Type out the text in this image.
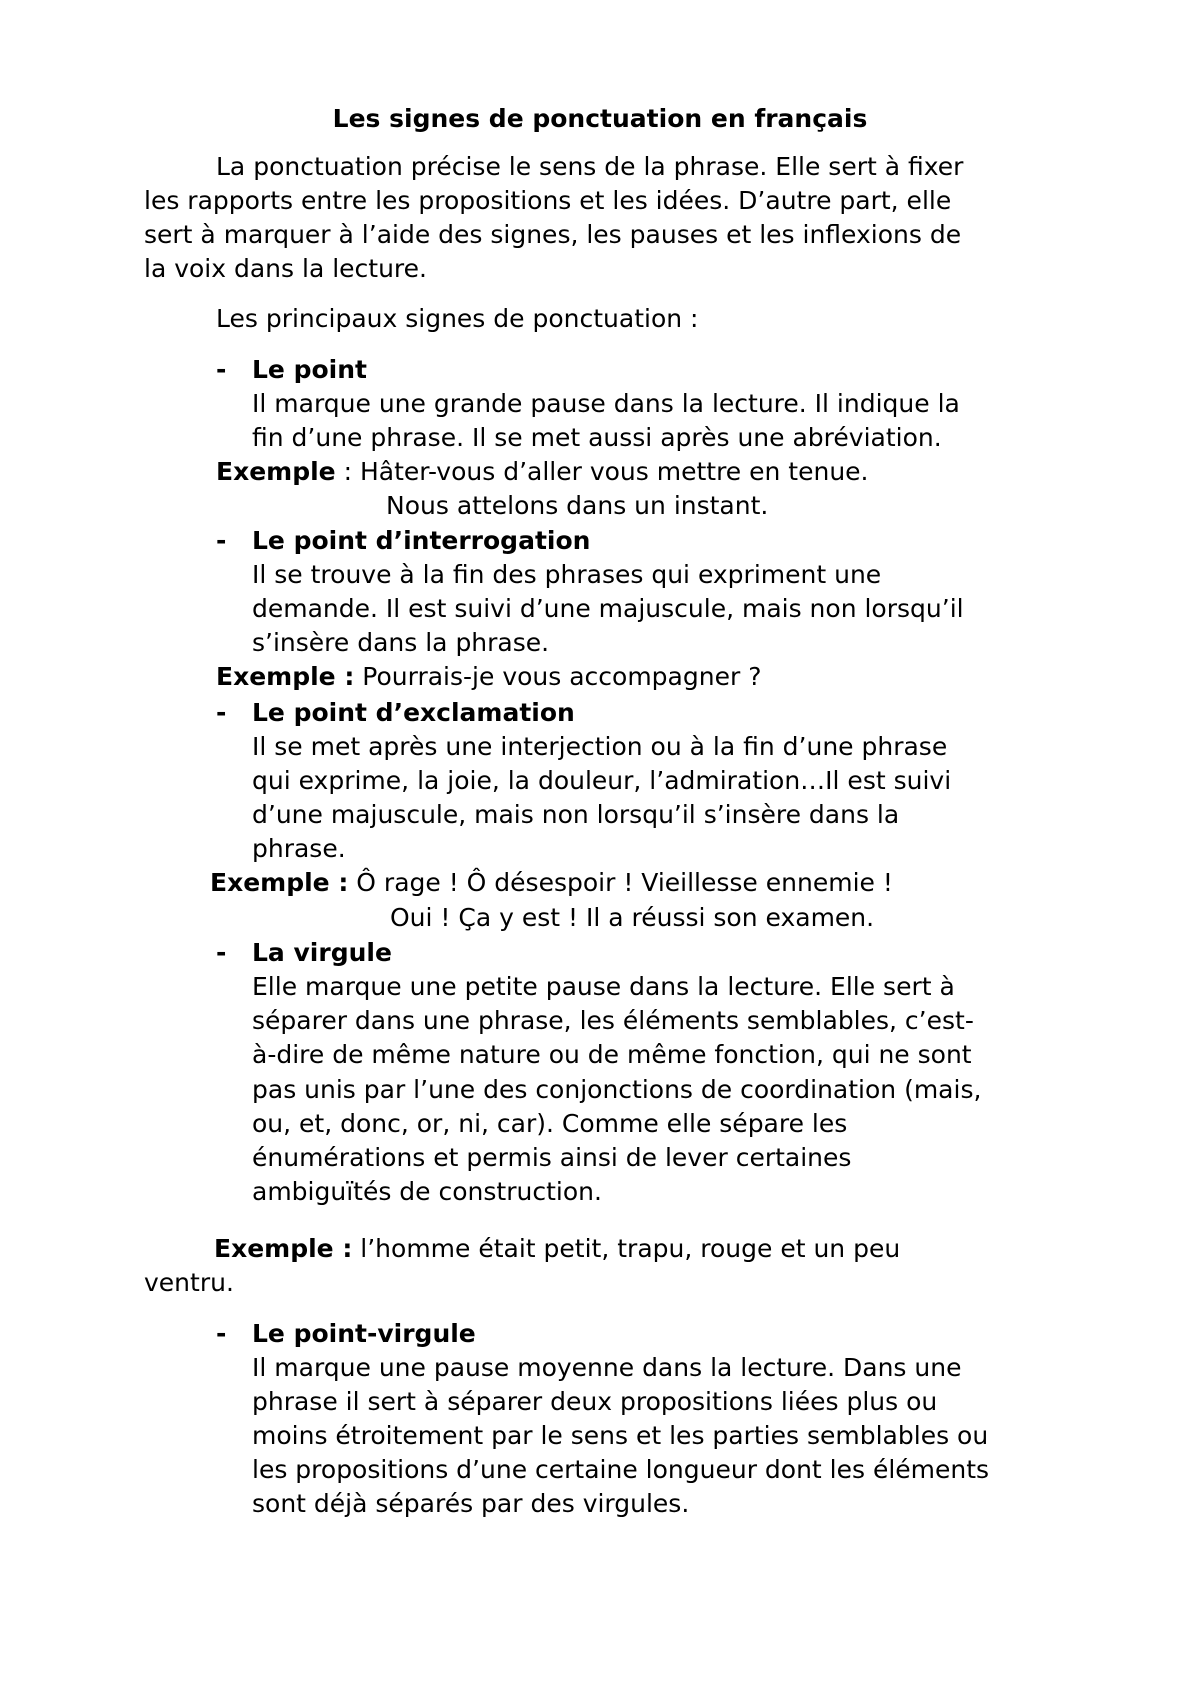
Les signes de ponctuation en français
La ponctuation précise le sens de la phrase. Elle sert à fixer
les rapports entre les propositions et les idées. D’autre part, elle
sert à marquer à l’aide des signes, les pauses et les inflexions de
la voix dans la lecture.
Les principaux signes de ponctuation :
- Le point
Il marque une grande pause dans la lecture. Il indique la
fin d’une phrase. Il se met aussi après une abréviation.
Exemple : Hâter-vous d’aller vous mettre en tenue.
Nous attelons dans un instant.
- Le point d’interrogation
Il se trouve à la fin des phrases qui expriment une
demande. Il est suivi d’une majuscule, mais non lorsqu’il
s’insère dans la phrase.
Exemple : Pourrais-je vous accompagner ?
- Le point d’exclamation
Il se met après une interjection ou à la fin d’une phrase
qui exprime, la joie, la douleur, l’admiration…Il est suivi
d’une majuscule, mais non lorsqu’il s’insère dans la
phrase.
Exemple : Ô rage ! Ô désespoir ! Vieillesse ennemie !
Oui ! Ça y est ! Il a réussi son examen.
- La virgule
Elle marque une petite pause dans la lecture. Elle sert à
séparer dans une phrase, les éléments semblables, c’est-
à-dire de même nature ou de même fonction, qui ne sont
pas unis par l’une des conjonctions de coordination (mais,
ou, et, donc, or, ni, car). Comme elle sépare les
énumérations et permis ainsi de lever certaines
ambiguïtés de construction.
Exemple : l’homme était petit, trapu, rouge et un peu
ventru.
- Le point-virgule
Il marque une pause moyenne dans la lecture. Dans une
phrase il sert à séparer deux propositions liées plus ou
moins étroitement par le sens et les parties semblables ou
les propositions d’une certaine longueur dont les éléments
sont déjà séparés par des virgules.
